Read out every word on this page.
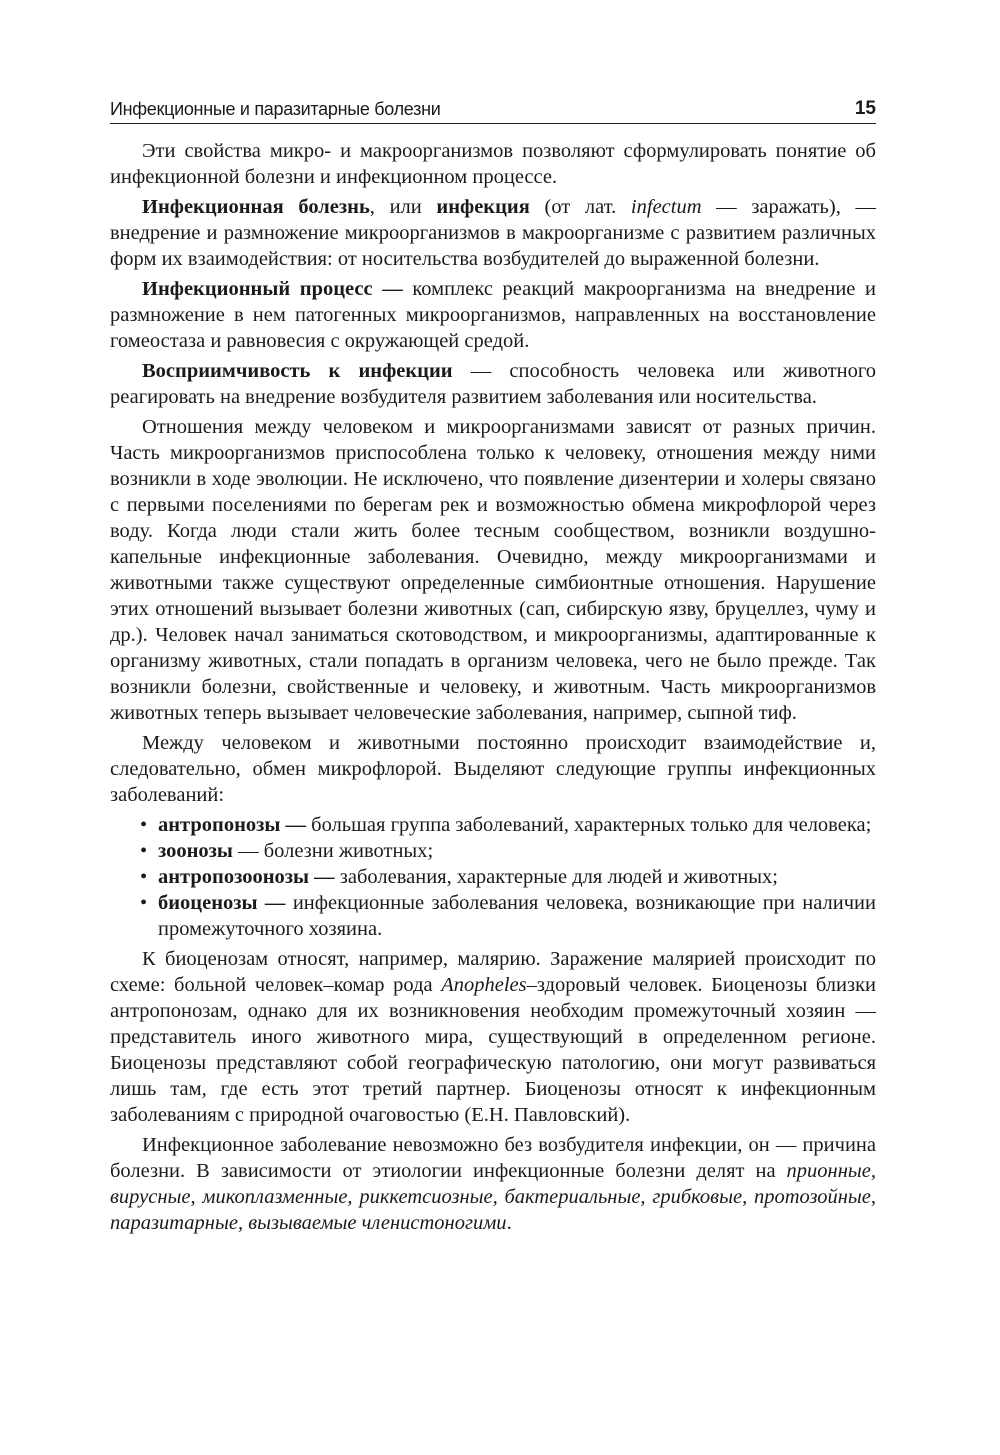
Инфекционные и паразитарные болезни	15

Эти свойства микро- и макроорганизмов позволяют сформулировать понятие об инфекционной болезни и инфекционном процессе.

Инфекционная болезнь, или инфекция (от лат. infectum — заражать), — внедрение и размножение микроорганизмов в макроорганизме с развитием различных форм их взаимодействия: от носительства возбудителей до выраженной болезни.

Инфекционный процесс — комплекс реакций макроорганизма на внедрение и размножение в нем патогенных микроорганизмов, направленных на восстановление гомеостаза и равновесия с окружающей средой.

Восприимчивость к инфекции — способность человека или животного реагировать на внедрение возбудителя развитием заболевания или носительства.

Отношения между человеком и микроорганизмами зависят от разных причин. Часть микроорганизмов приспособлена только к человеку, отношения между ними возникли в ходе эволюции. Не исключено, что появление дизентерии и холеры связано с первыми поселениями по берегам рек и возможностью обмена микрофлорой через воду. Когда люди стали жить более тесным сообществом, возникли воздушно-капельные инфекционные заболевания. Очевидно, между микроорганизмами и животными также существуют определенные симбионтные отношения. Нарушение этих отношений вызывает болезни животных (сап, сибирскую язву, бруцеллез, чуму и др.). Человек начал заниматься скотоводством, и микроорганизмы, адаптированные к организму животных, стали попадать в организм человека, чего не было прежде. Так возникли болезни, свойственные и человеку, и животным. Часть микроорганизмов животных теперь вызывает человеческие заболевания, например, сыпной тиф.

Между человеком и животными постоянно происходит взаимодействие и, следовательно, обмен микрофлорой. Выделяют следующие группы инфекционных заболеваний:

• антропонозы — большая группа заболеваний, характерных только для человека;
• зоонозы — болезни животных;
• антропозоонозы — заболевания, характерные для людей и животных;
• биоценозы — инфекционные заболевания человека, возникающие при наличии промежуточного хозяина.

К биоценозам относят, например, малярию. Заражение малярией происходит по схеме: больной человек–комар рода Anopheles–здоровый человек. Биоценозы близки антропонозам, однако для их возникновения необходим промежуточный хозяин — представитель иного животного мира, существующий в определенном регионе. Биоценозы представляют собой географическую патологию, они могут развиваться лишь там, где есть этот третий партнер. Биоценозы относят к инфекционным заболеваниям с природной очаговостью (Е.Н. Павловский).

Инфекционное заболевание невозможно без возбудителя инфекции, он — причина болезни. В зависимости от этиологии инфекционные болезни делят на прионные, вирусные, микоплазменные, риккетсиозные, бактериальные, грибковые, протозойные, паразитарные, вызываемые членистоногими.
